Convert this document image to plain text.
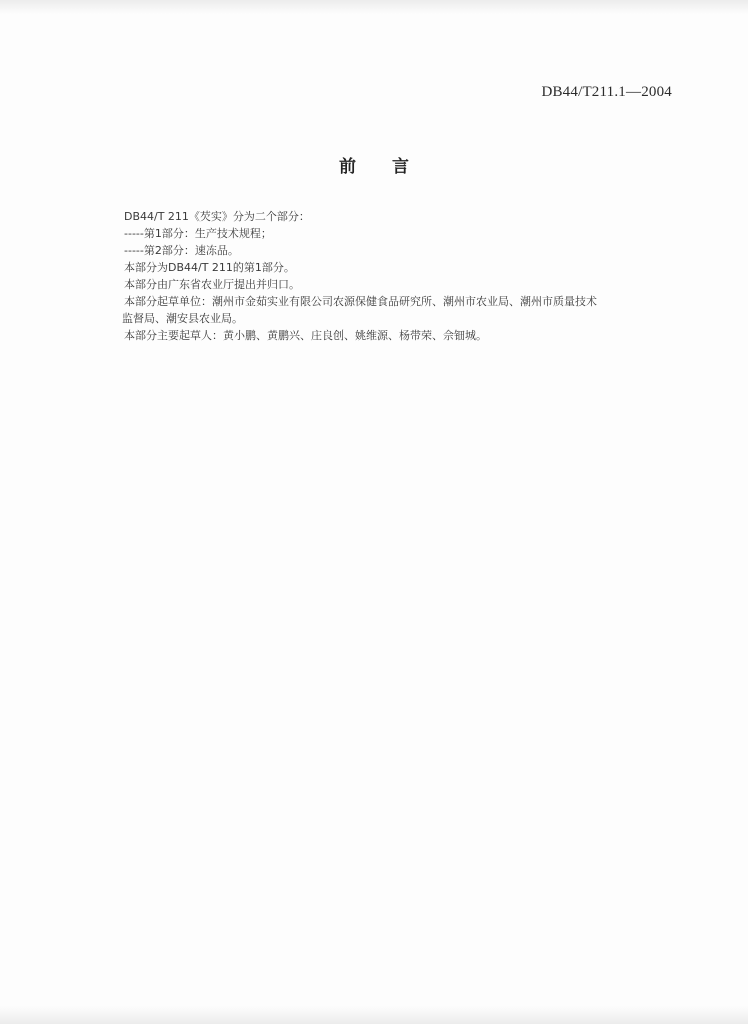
DB44/T211.1—2004
前言

DB44/T 211《芡实》分为二个部分：

-----第1部分：生产技术规程；

-----第2部分：速冻品。

本部分为DB44/T 211的第1部分。

本部分由广东省农业厅提出并归口。

本部分起草单位：潮州市金茹实业有限公司农源保健食品研究所、潮州市农业局、潮州市质量技术

监督局、潮安县农业局。

本部分主要起草人：黄小鹏、黄鹏兴、庄良创、姚维源、杨带荣、佘钿城。
